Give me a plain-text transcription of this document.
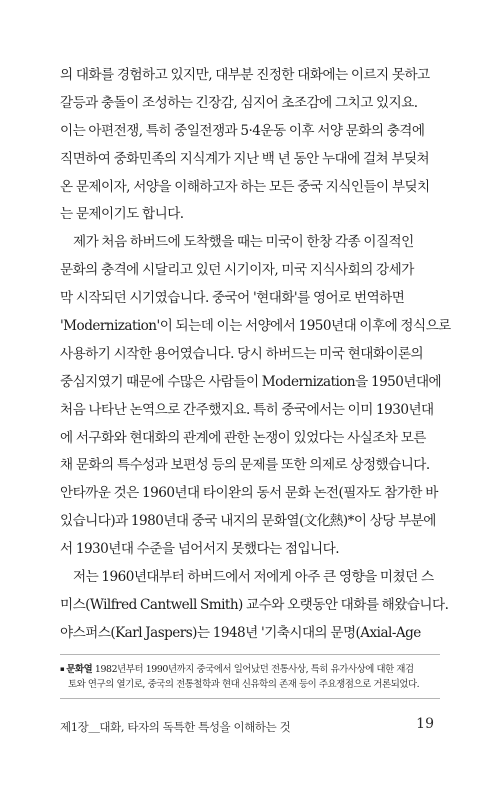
의 대화를 경험하고 있지만, 대부분 진정한 대화에는 이르지 못하고
갈등과 충돌이 조성하는 긴장감, 심지어 초조감에 그치고 있지요.
이는 아편전쟁, 특히 중일전쟁과 5·4운동 이후 서양 문화의 충격에
직면하여 중화민족의 지식계가 지난 백 년 동안 누대에 걸쳐 부딪쳐
온 문제이자, 서양을 이해하고자 하는 모든 중국 지식인들이 부딪치
는 문제이기도 합니다.
제가 처음 하버드에 도착했을 때는 미국이 한창 각종 이질적인
문화의 충격에 시달리고 있던 시기이자, 미국 지식사회의 강세가
막 시작되던 시기였습니다. 중국어 '현대화'를 영어로 번역하면
'Modernization'이 되는데 이는 서양에서 1950년대 이후에 정식으로
사용하기 시작한 용어였습니다. 당시 하버드는 미국 현대화이론의
중심지였기 때문에 수많은 사람들이 Modernization을 1950년대에
처음 나타난 논역으로 간주했지요. 특히 중국에서는 이미 1930년대
에 서구화와 현대화의 관계에 관한 논쟁이 있었다는 사실조차 모른
채 문화의 특수성과 보편성 등의 문제를 또한 의제로 상정했습니다.
안타까운 것은 1960년대 타이완의 동서 문화 논전(필자도 참가한 바
있습니다)과 1980년대 중국 내지의 문화열(文化熱)*이 상당 부분에
서 1930년대 수준을 넘어서지 못했다는 점입니다.
저는 1960년대부터 하버드에서 저에게 아주 큰 영향을 미쳤던 스
미스(Wilfred Cantwell Smith) 교수와 오랫동안 대화를 해왔습니다.
야스퍼스(Karl Jaspers)는 1948년 '기축시대의 문명(Axial-Age
▪ 문화열 1982년부터 1990년까지 중국에서 일어났던 전통사상, 특히 유가사상에 대한 재검
토와 연구의 열기로, 중국의 전통철학과 현대 신유학의 존재 등이 주요쟁점으로 거론되었다.
제1장＿대화, 타자의 독특한 특성을 이해하는 것	19
